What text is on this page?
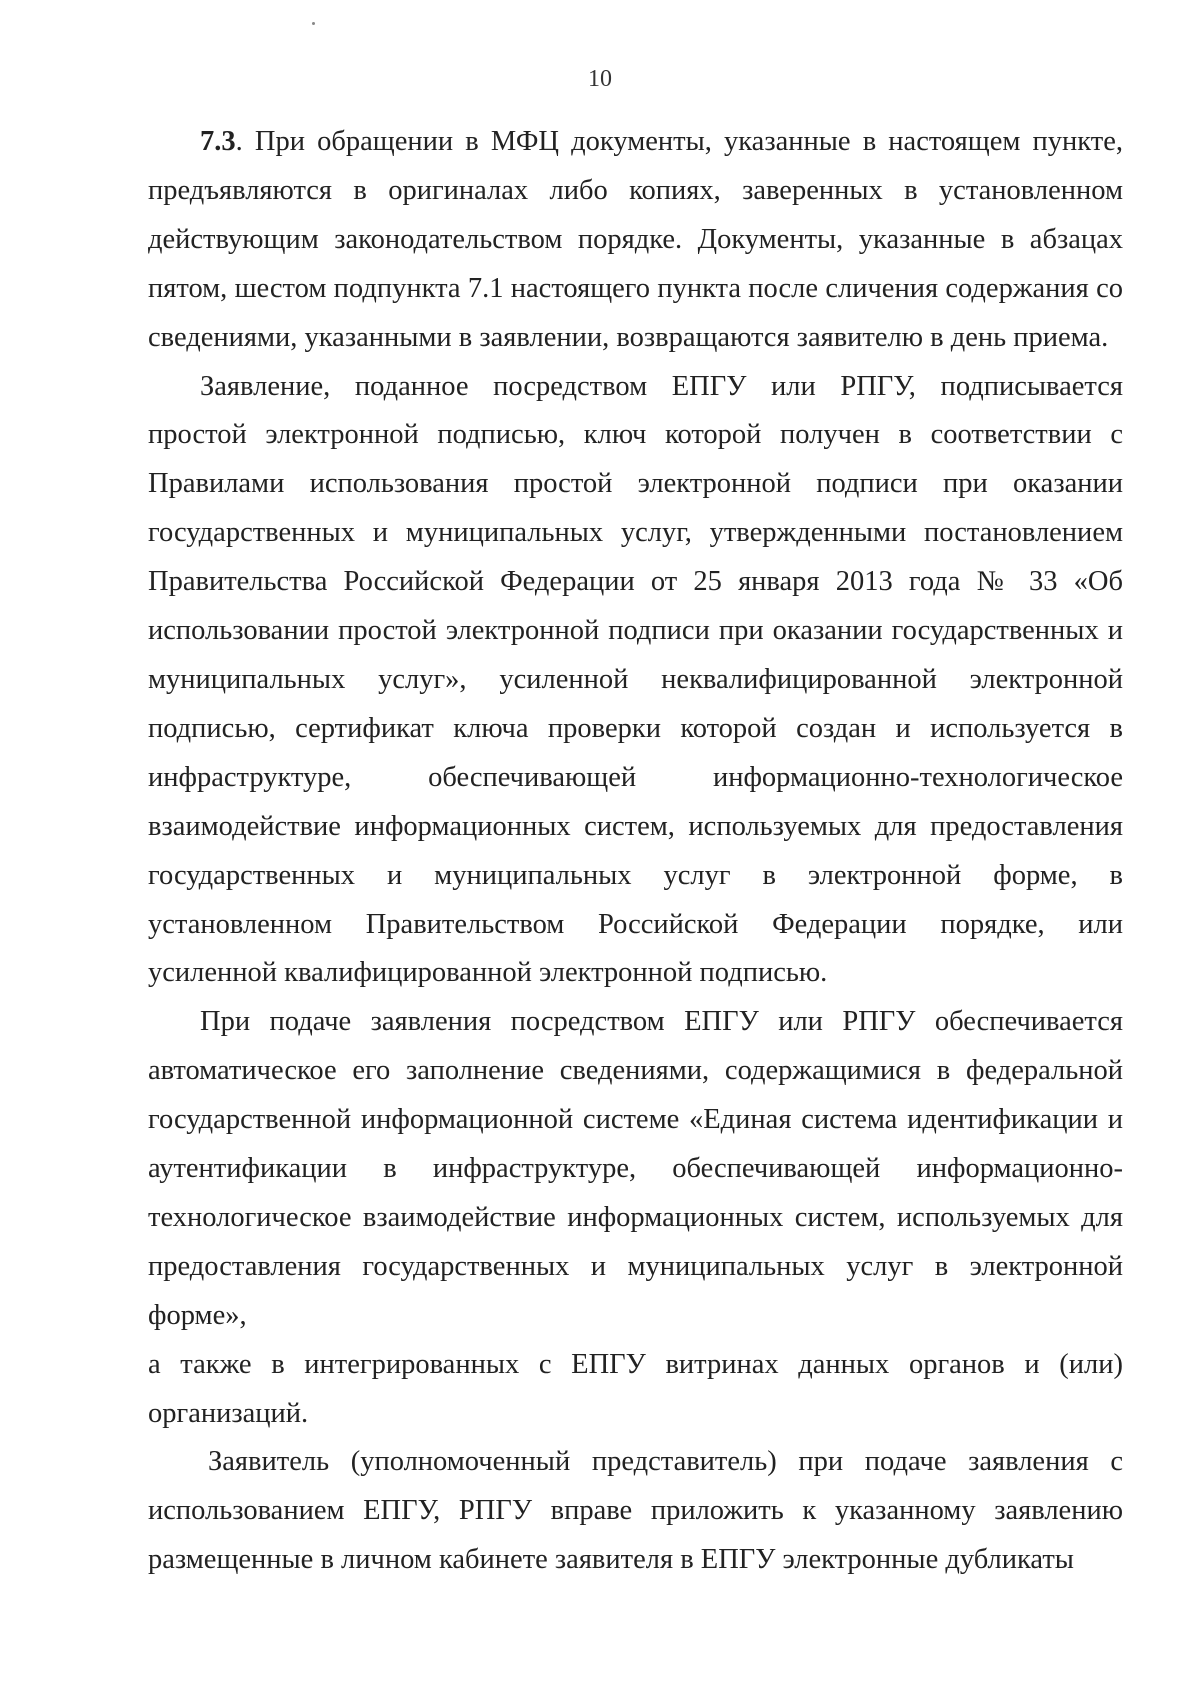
10

7.3. При обращении в МФЦ документы, указанные в настоящем пункте, предъявляются в оригиналах либо копиях, заверенных в установленном действующим законодательством порядке. Документы, указанные в абзацах пятом, шестом подпункта 7.1 настоящего пункта после сличения содержания со сведениями, указанными в заявлении, возвращаются заявителю в день приема.

Заявление, поданное посредством ЕПГУ или РПГУ, подписывается простой электронной подписью, ключ которой получен в соответствии с Правилами использования простой электронной подписи при оказании государственных и муниципальных услуг, утвержденными постановлением Правительства Российской Федерации от 25 января 2013 года № 33 «Об использовании простой электронной подписи при оказании государственных и муниципальных услуг», усиленной неквалифицированной электронной подписью, сертификат ключа проверки которой создан и используется в инфраструктуре, обеспечивающей информационно-технологическое взаимодействие информационных систем, используемых для предоставления государственных и муниципальных услуг в электронной форме, в установленном Правительством Российской Федерации порядке, или усиленной квалифицированной электронной подписью.

При подаче заявления посредством ЕПГУ или РПГУ обеспечивается автоматическое его заполнение сведениями, содержащимися в федеральной государственной информационной системе «Единая система идентификации и аутентификации в инфраструктуре, обеспечивающей информационно-технологическое взаимодействие информационных систем, используемых для предоставления государственных и муниципальных услуг в электронной форме»,

а также в интегрированных с ЕПГУ витринах данных органов и (или) организаций.

Заявитель (уполномоченный представитель) при подаче заявления с использованием ЕПГУ, РПГУ вправе приложить к указанному заявлению размещенные в личном кабинете заявителя в ЕПГУ электронные дубликаты
